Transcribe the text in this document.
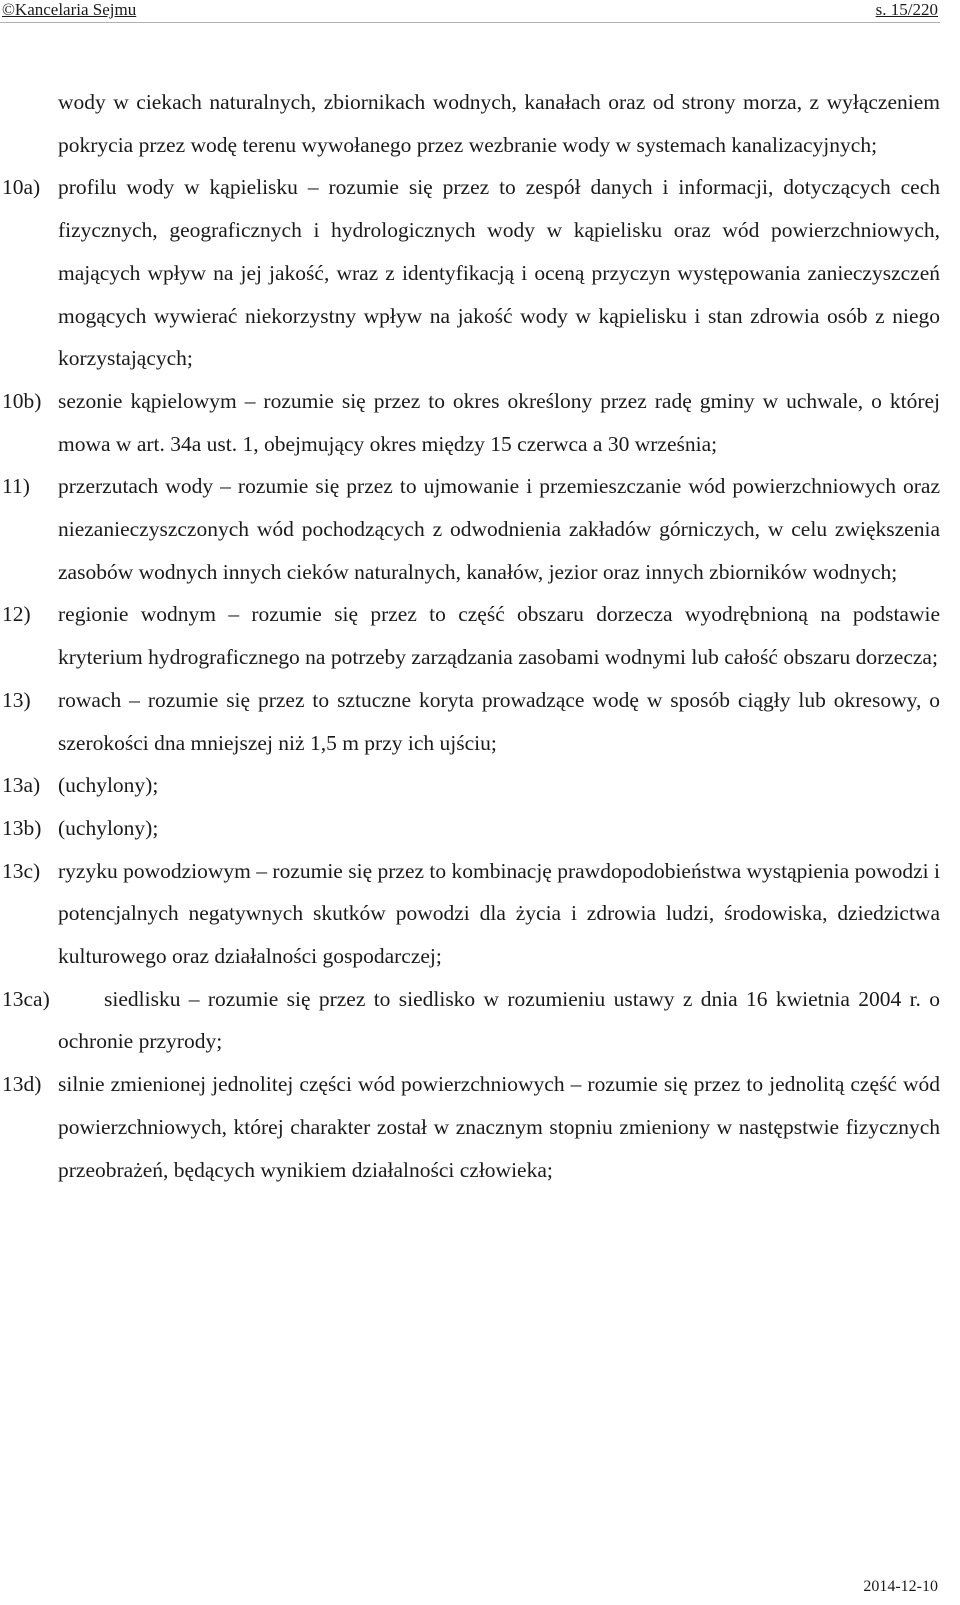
©Kancelaria Sejmu	s. 15/220
wody w ciekach naturalnych, zbiornikach wodnych, kanałach oraz od strony morza, z wyłączeniem pokrycia przez wodę terenu wywołanego przez wezbranie wody w systemach kanalizacyjnych;
10a) profilu wody w kąpielisku – rozumie się przez to zespół danych i informacji, dotyczących cech fizycznych, geograficznych i hydrologicznych wody w kąpielisku oraz wód powierzchniowych, mających wpływ na jej jakość, wraz z identyfikacją i oceną przyczyn występowania zanieczyszczeń mogących wywierać niekorzystny wpływ na jakość wody w kąpielisku i stan zdrowia osób z niego korzystających;
10b) sezonie kąpielowym – rozumie się przez to okres określony przez radę gminy w uchwale, o której mowa w art. 34a ust. 1, obejmujący okres między 15 czerwca a 30 września;
11) przerzutach wody – rozumie się przez to ujmowanie i przemieszczanie wód powierzchniowych oraz niezanieczyszczonych wód pochodzących z odwodnienia zakładów górniczych, w celu zwiększenia zasobów wodnych innych cieków naturalnych, kanałów, jezior oraz innych zbiorników wodnych;
12) regionie wodnym – rozumie się przez to część obszaru dorzecza wyodrębnioną na podstawie kryterium hydrograficznego na potrzeby zarządzania zasobami wodnymi lub całość obszaru dorzecza;
13) rowach – rozumie się przez to sztuczne koryta prowadzące wodę w sposób ciągły lub okresowy, o szerokości dna mniejszej niż 1,5 m przy ich ujściu;
13a) (uchylony);
13b) (uchylony);
13c) ryzyku powodziowym – rozumie się przez to kombinację prawdopodobieństwa wystąpienia powodzi i potencjalnych negatywnych skutków powodzi dla życia i zdrowia ludzi, środowiska, dziedzictwa kulturowego oraz działalności gospodarczej;
13ca)	siedlisku – rozumie się przez to siedlisko w rozumieniu ustawy z dnia 16 kwietnia 2004 r. o ochronie przyrody;
13d) silnie zmienionej jednolitej części wód powierzchniowych – rozumie się przez to jednolitą część wód powierzchniowych, której charakter został w znacznym stopniu zmieniony w następstwie fizycznych przeobrażeń, będących wynikiem działalności człowieka;
2014-12-10
